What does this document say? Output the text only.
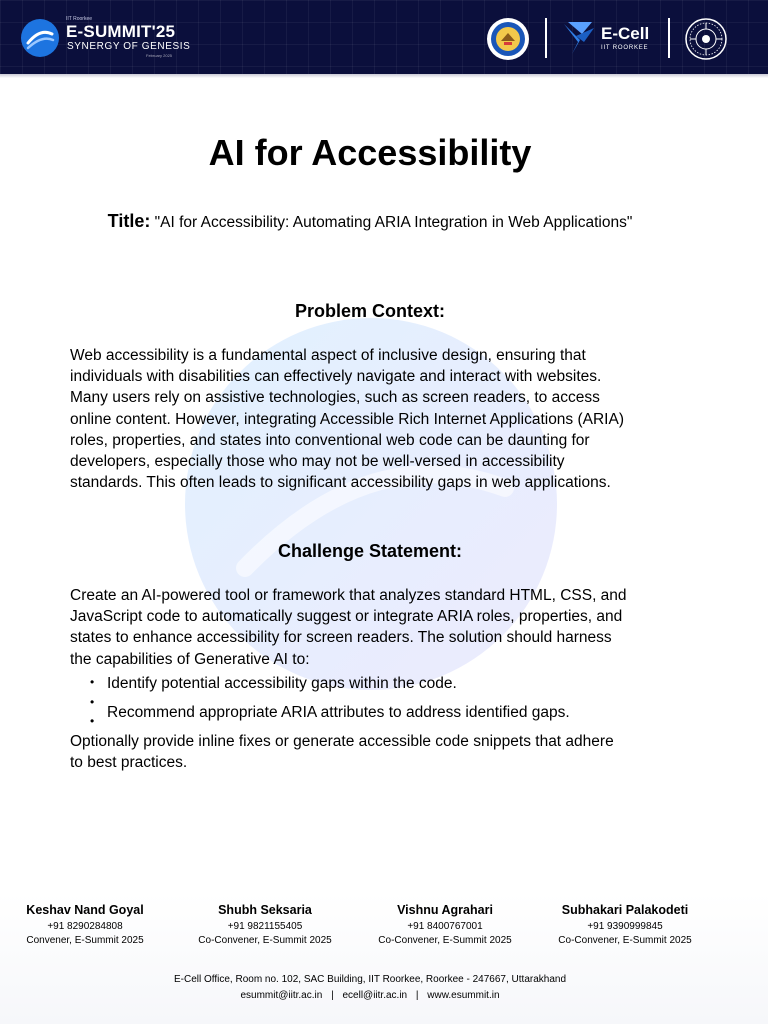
IIT Roorkee
E-SUMMIT'25
SYNERGY OF GENESIS
February 2025
E-Cell
IIT ROORKEE
AI for Accessibility
Title: "AI for Accessibility: Automating ARIA Integration in Web Applications"
Problem Context:
Web accessibility is a fundamental aspect of inclusive design, ensuring that
individuals with disabilities can effectively navigate and interact with websites.
Many users rely on assistive technologies, such as screen readers, to access
online content. However, integrating Accessible Rich Internet Applications (ARIA)
roles, properties, and states into conventional web code can be daunting for
developers, especially those who may not be well-versed in accessibility
standards. This often leads to significant accessibility gaps in web applications.
Challenge Statement:
Create an AI-powered tool or framework that analyzes standard HTML, CSS, and
JavaScript code to automatically suggest or integrate ARIA roles, properties, and
states to enhance accessibility for screen readers. The solution should harness
the capabilities of Generative AI to:
• Identify potential accessibility gaps within the code.
•
• Recommend appropriate ARIA attributes to address identified gaps.
Optionally provide inline fixes or generate accessible code snippets that adhere
to best practices.
Keshav Nand Goyal
+91 8290284808
Convener, E-Summit 2025
Shubh Seksaria
+91 9821155405
Co-Convener, E-Summit 2025
Vishnu Agrahari
+91 8400767001
Co-Convener, E-Summit 2025
Subhakari Palakodeti
+91 9390999845
Co-Convener, E-Summit 2025
E-Cell Office, Room no. 102, SAC Building, IIT Roorkee, Roorkee - 247667, Uttarakhand
esummit@iitr.ac.in | ecell@iitr.ac.in | www.esummit.in
